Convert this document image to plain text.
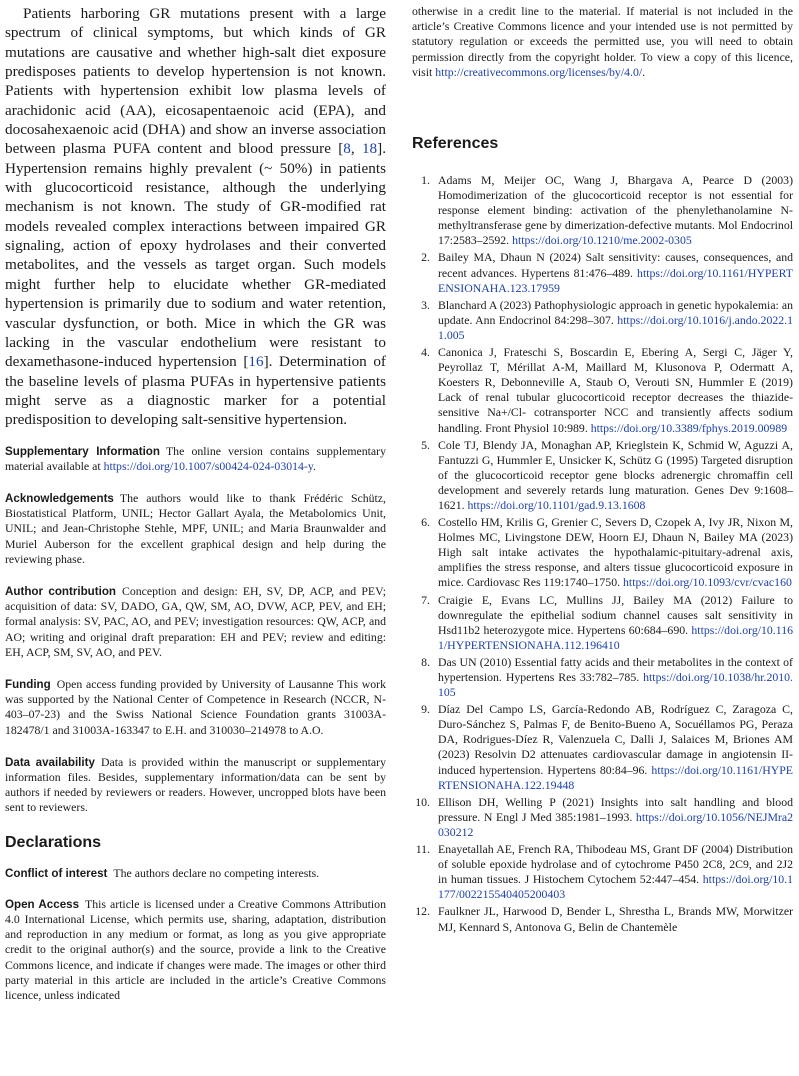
Patients harboring GR mutations present with a large spectrum of clinical symptoms, but which kinds of GR mutations are causative and whether high-salt diet exposure predisposes patients to develop hypertension is not known. Patients with hypertension exhibit low plasma levels of arachidonic acid (AA), eicosapentaenoic acid (EPA), and docosahexaenoic acid (DHA) and show an inverse association between plasma PUFA content and blood pressure [8, 18]. Hypertension remains highly prevalent (~ 50%) in patients with glucocorticoid resistance, although the underlying mechanism is not known. The study of GR-modified rat models revealed complex interactions between impaired GR signaling, action of epoxy hydrolases and their converted metabolites, and the vessels as target organ. Such models might further help to elucidate whether GR-mediated hypertension is primarily due to sodium and water retention, vascular dysfunction, or both. Mice in which the GR was lacking in the vascular endothelium were resistant to dexamethasone-induced hypertension [16]. Determination of the baseline levels of plasma PUFAs in hypertensive patients might serve as a diagnostic marker for a potential predisposition to developing salt-sensitive hypertension.

Supplementary Information The online version contains supplementary material available at https://doi.org/10.1007/s00424-024-03014-y.

Acknowledgements The authors would like to thank Frédéric Schütz, Biostatistical Platform, UNIL; Hector Gallart Ayala, the Metabolomics Unit, UNIL; and Jean-Christophe Stehle, MPF, UNIL; and Maria Braunwalder and Muriel Auberson for the excellent graphical design and help during the reviewing phase.

Author contribution Conception and design: EH, SV, DP, ACP, and PEV; acquisition of data: SV, DADO, GA, QW, SM, AO, DVW, ACP, PEV, and EH; formal analysis: SV, PAC, AO, and PEV; investigation resources: QW, ACP, and AO; writing and original draft preparation: EH and PEV; review and editing: EH, ACP, SM, SV, AO, and PEV.

Funding Open access funding provided by University of Lausanne This work was supported by the National Center of Competence in Research (NCCR, N-403–07-23) and the Swiss National Science Foundation grants 31003A-182478/1 and 31003A-163347 to E.H. and 310030–214978 to A.O.

Data availability Data is provided within the manuscript or supplementary information files. Besides, supplementary information/data can be sent by authors if needed by reviewers or readers. However, uncropped blots have been sent to reviewers.

Declarations

Conflict of interest The authors declare no competing interests.

Open Access This article is licensed under a Creative Commons Attribution 4.0 International License, which permits use, sharing, adaptation, distribution and reproduction in any medium or format, as long as you give appropriate credit to the original author(s) and the source, provide a link to the Creative Commons licence, and indicate if changes were made. The images or other third party material in this article are included in the article’s Creative Commons licence, unless indicated

otherwise in a credit line to the material. If material is not included in the article’s Creative Commons licence and your intended use is not permitted by statutory regulation or exceeds the permitted use, you will need to obtain permission directly from the copyright holder. To view a copy of this licence, visit http://creativecommons.org/licenses/by/4.0/.

References
1. Adams M, Meijer OC, Wang J, Bhargava A, Pearce D (2003) Homodimerization of the glucocorticoid receptor is not essential for response element binding: activation of the phenylethanolamine N-methyltransferase gene by dimerization-defective mutants. Mol Endocrinol 17:2583–2592. https://doi.org/10.1210/me.2002-0305
2. Bailey MA, Dhaun N (2024) Salt sensitivity: causes, consequences, and recent advances. Hypertens 81:476–489. https://doi.org/10.1161/HYPERTENSIONAHA.123.17959
3. Blanchard A (2023) Pathophysiologic approach in genetic hypokalemia: an update. Ann Endocrinol 84:298–307. https://doi.org/10.1016/j.ando.2022.11.005
4. Canonica J, Frateschi S, Boscardin E, Ebering A, Sergi C, Jäger Y, Peyrollaz T, Mérillat A-M, Maillard M, Klusonova P, Odermatt A, Koesters R, Debonneville A, Staub O, Verouti SN, Hummler E (2019) Lack of renal tubular glucocorticoid receptor decreases the thiazide-sensitive Na+/Cl- cotransporter NCC and transiently affects sodium handling. Front Physiol 10:989. https://doi.org/10.3389/fphys.2019.00989
5. Cole TJ, Blendy JA, Monaghan AP, Krieglstein K, Schmid W, Aguzzi A, Fantuzzi G, Hummler E, Unsicker K, Schütz G (1995) Targeted disruption of the glucocorticoid receptor gene blocks adrenergic chromaffin cell development and severely retards lung maturation. Genes Dev 9:1608–1621. https://doi.org/10.1101/gad.9.13.1608
6. Costello HM, Krilis G, Grenier C, Severs D, Czopek A, Ivy JR, Nixon M, Holmes MC, Livingstone DEW, Hoorn EJ, Dhaun N, Bailey MA (2023) High salt intake activates the hypothalamic-pituitary-adrenal axis, amplifies the stress response, and alters tissue glucocorticoid exposure in mice. Cardiovasc Res 119:1740–1750. https://doi.org/10.1093/cvr/cvac160
7. Craigie E, Evans LC, Mullins JJ, Bailey MA (2012) Failure to downregulate the epithelial sodium channel causes salt sensitivity in Hsd11b2 heterozygote mice. Hypertens 60:684–690. https://doi.org/10.1161/HYPERTENSIONAHA.112.196410
8. Das UN (2010) Essential fatty acids and their metabolites in the context of hypertension. Hypertens Res 33:782–785. https://doi.org/10.1038/hr.2010.105
9. Díaz Del Campo LS, García-Redondo AB, Rodríguez C, Zaragoza C, Duro-Sánchez S, Palmas F, de Benito-Bueno A, Socuéllamos PG, Peraza DA, Rodrigues-Díez R, Valenzuela C, Dalli J, Salaices M, Briones AM (2023) Resolvin D2 attenuates cardiovascular damage in angiotensin II-induced hypertension. Hypertens 80:84–96. https://doi.org/10.1161/HYPERTENSIONAHA.122.19448
10. Ellison DH, Welling P (2021) Insights into salt handling and blood pressure. N Engl J Med 385:1981–1993. https://doi.org/10.1056/NEJMra2030212
11. Enayetallah AE, French RA, Thibodeau MS, Grant DF (2004) Distribution of soluble epoxide hydrolase and of cytochrome P450 2C8, 2C9, and 2J2 in human tissues. J Histochem Cytochem 52:447–454. https://doi.org/10.1177/002215540405200403
12. Faulkner JL, Harwood D, Bender L, Shrestha L, Brands MW, Morwitzer MJ, Kennard S, Antonova G, Belin de Chantemèle
